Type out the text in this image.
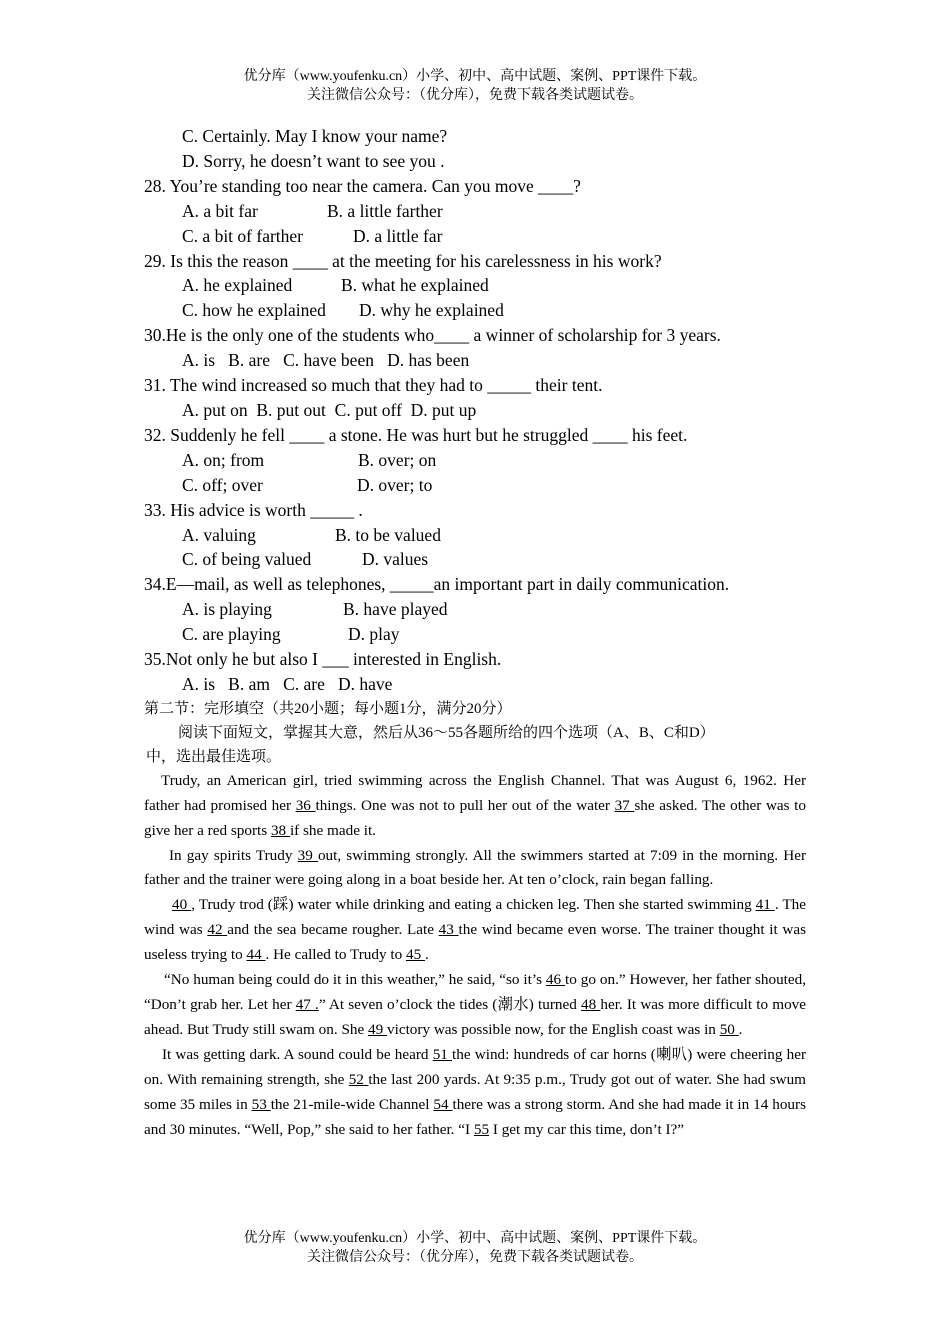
优分库（www.youfenku.cn）小学、初中、高中试题、案例、PPT课件下载。
关注微信公众号：（优分库），免费下载各类试题试卷。
C. Certainly. May I know your name?
D. Sorry, he doesn’t want to see you .
28. You’re standing too near the camera. Can you move ____?
A. a bit far	B. a little farther
C. a bit of farther	D. a little far
29. Is this the reason ____ at the meeting for his carelessness in his work?
A. he explained	B. what he explained
C. how he explained D. why he explained
30.He is the only one of the students who____ a winner of scholarship for 3 years.
A. is   B. are   C. have been   D. has been
31. The wind increased so much that they had to _____ their tent.
A. put on  B. put out  C. put off  D. put up
32. Suddenly he fell ____ a stone. He was hurt but he struggled ____ his feet.
A. on; from	B. over; on
C. off; over	D. over; to
33. His advice is worth _____ .
A. valuing	B. to be valued
C. of being valued	D. values
34.E—mail, as well as telephones, _____an important part in daily communication.
A. is playing	B. have played
C. are playing	D. play
35.Not only he but also I ___ interested in English.
A. is   B. am   C. are   D. have
第二节：完形填空（共20小题；每小题1分，满分20分）
阅读下面短文，掌握其大意，然后从36～55各题所给的四个选项（A、B、C和D）
中，选出最佳选项。

Trudy, an American girl, tried swimming across the English Channel. That was August 6, 1962. Her father had promised her 36 things. One was not to pull her out of the water 37 she asked. The other was to give her a red sports 38 if she made it.

In gay spirits Trudy 39 out, swimming strongly. All the swimmers started at 7:09 in the morning. Her father and the trainer were going along in a boat beside her. At ten o’clock, rain began falling.

40 , Trudy trod (踩) water while drinking and eating a chicken leg. Then she started swimming 41 . The wind was 42 and the sea became rougher. Late 43 the wind became even worse. The trainer thought it was useless trying to 44 . He called to Trudy to 45 .

“No human being could do it in this weather,” he said, “so it’s 46 to go on.” However, her father shouted, “Don’t grab her. Let her 47 .” At seven o’clock the tides (潮水) turned 48 her. It was more difficult to move ahead. But Trudy still swam on. She 49 victory was possible now, for the English coast was in 50 .

It was getting dark. A sound could be heard 51 the wind: hundreds of car horns (喇叭) were cheering her on. With remaining strength, she 52 the last 200 yards. At 9:35 p.m., Trudy got out of water. She had swum some 35 miles in 53 the 21-mile-wide Channel 54 there was a strong storm. And she had made it in 14 hours and 30 minutes. “Well, Pop,” she said to her father. “I 55 I get my car this time, don’t I?”

优分库（www.youfenku.cn）小学、初中、高中试题、案例、PPT课件下载。
关注微信公众号：（优分库），免费下载各类试题试卷。
